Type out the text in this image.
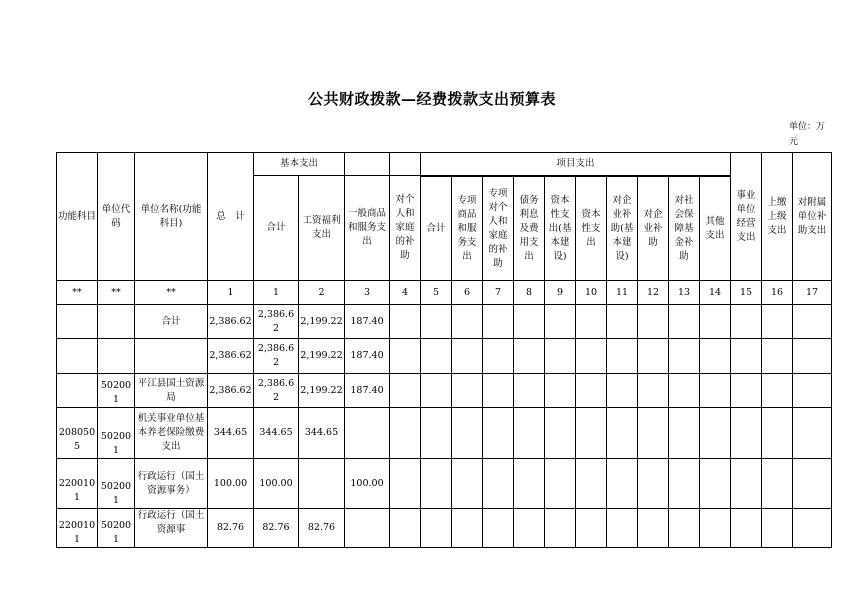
公共财政拨款—经费拨款支出预算表
单位：万元
功能科目	单位代码	单位名称(功能科目)	总　计	基本支出				项目支出										事业单位经营支出	上缴上级支出	对附属单位补助支出
				合计	工资福利支出	一般商品和服务支出	对个人和家庭的补助													
								合计	专项商品和服务支出	专项对个人和家庭的补助	债务利息及费用支出	资本性支出(基本建设)	资本性支出	对企业补助(基本建设)	对企业补助	对社会保障基金补助	其他支出			
**	**	**	1	1	2	3	4	5	6	7	8	9	10	11	12	13	14	15	16	17
		合计	2,386.62	2,386.62	2,199.22	187.40														
			2,386.62	2,386.62	2,199.22	187.40														
	502001	平江县国土资源局	2,386.62	2,386.62	2,199.22	187.40														
2080505	502001	机关事业单位基本养老保险缴费支出	344.65	344.65	344.65															
2200101	502001	行政运行（国土资源事务）	100.00	100.00		100.00														
2200101	502001	行政运行（国土资源事	82.76	82.76	82.76															
